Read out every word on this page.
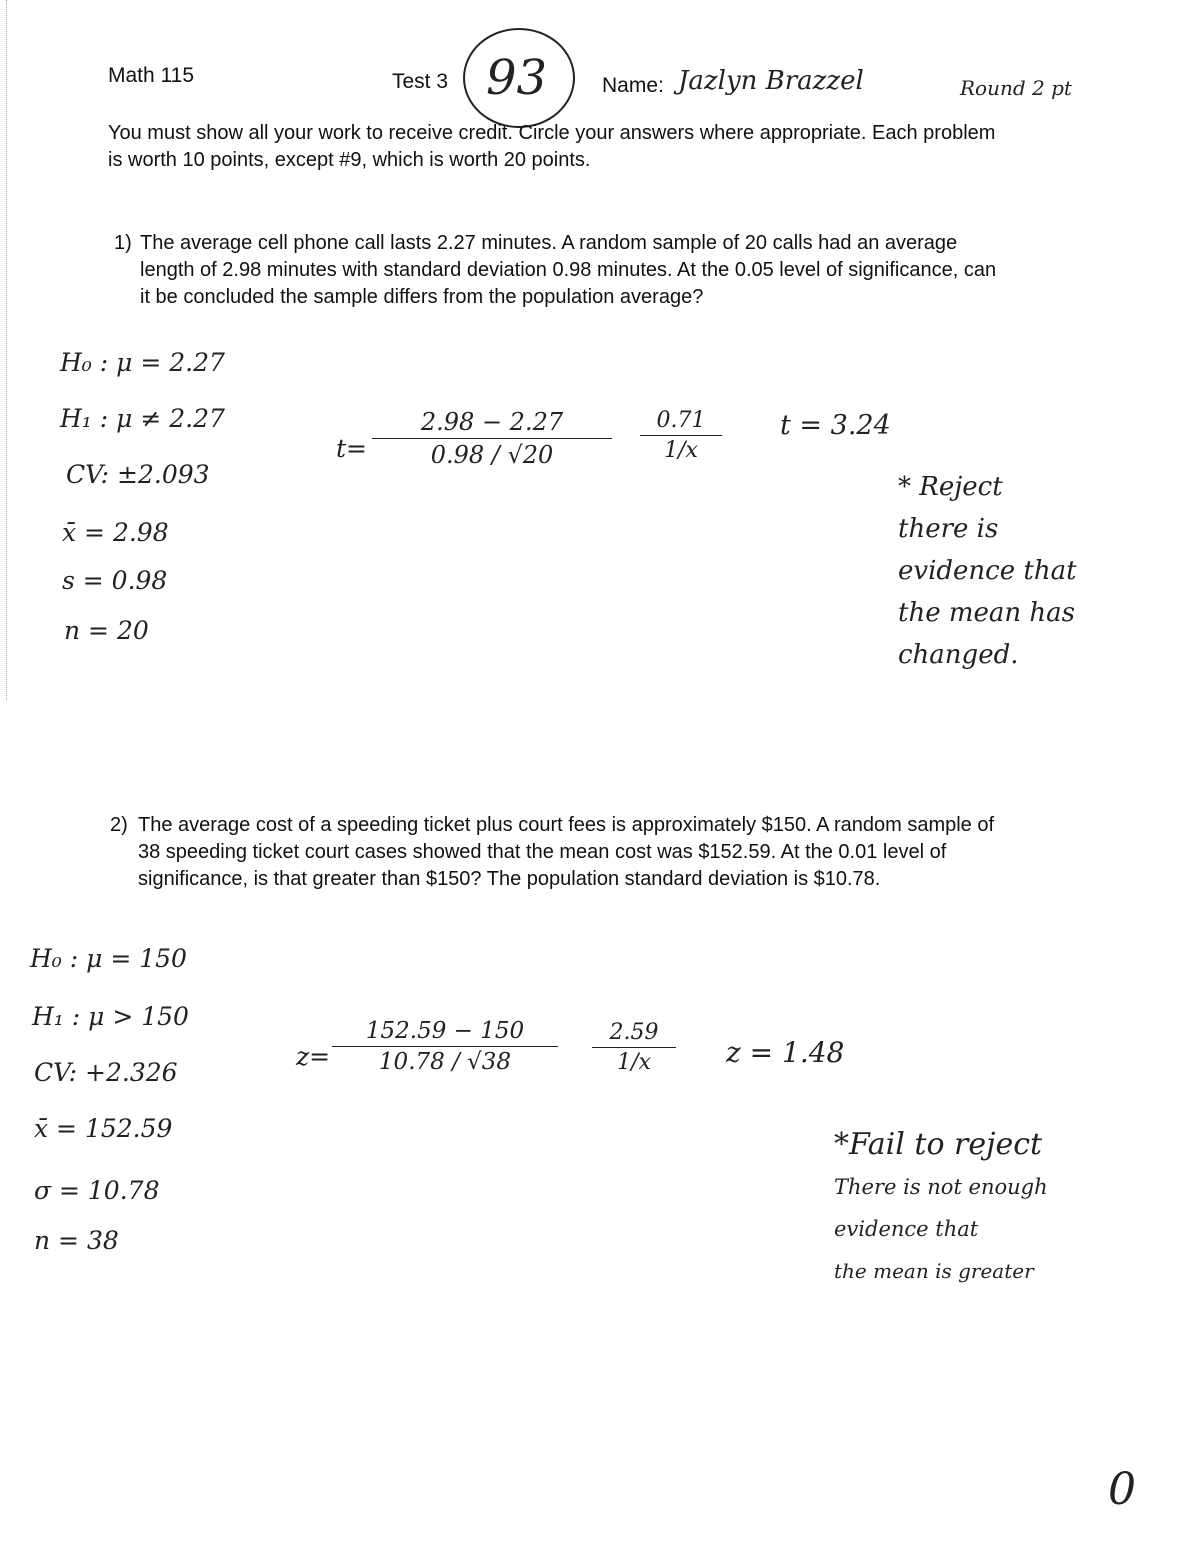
Math 115	Test 3 93	Name: Jazlyn Brazzel	Round 2 pt
You must show all your work to receive credit. Circle your answers where appropriate. Each problem
is worth 10 points, except #9, which is worth 20 points.
1) The average cell phone call lasts 2.27 minutes. A random sample of 20 calls had an average
length of 2.98 minutes with standard deviation 0.98 minutes. At the 0.05 level of significance, can
it be concluded the sample differs from the population average?
H₀ : μ = 2.27
H₁ : μ ≠ 2.27
CV: ±2.093
x̄ = 2.98
s = 0.98
n = 20
$t= \frac{2.98 - 2.27}{0.98 / √20} \frac{0.71}{1/x}$ t = 3.24
* Reject
there is
evidence that
the mean has
changed.
2) The average cost of a speeding ticket plus court fees is approximately $150. A random sample of
38 speeding ticket court cases showed that the mean cost was $152.59. At the 0.01 level of
significance, is that greater than $150? The population standard deviation is $10.78.
H₀ : μ = 150
H₁ : μ > 150
CV: +2.326
x̄ = 152.59
σ = 10.78
n = 38
$z= \frac{152.59 - 150}{10.78 / √38} \frac{2.59}{1/x}$ z = 1.48
*Fail to reject
There is not enough
evidence that
the mean is greater
0
